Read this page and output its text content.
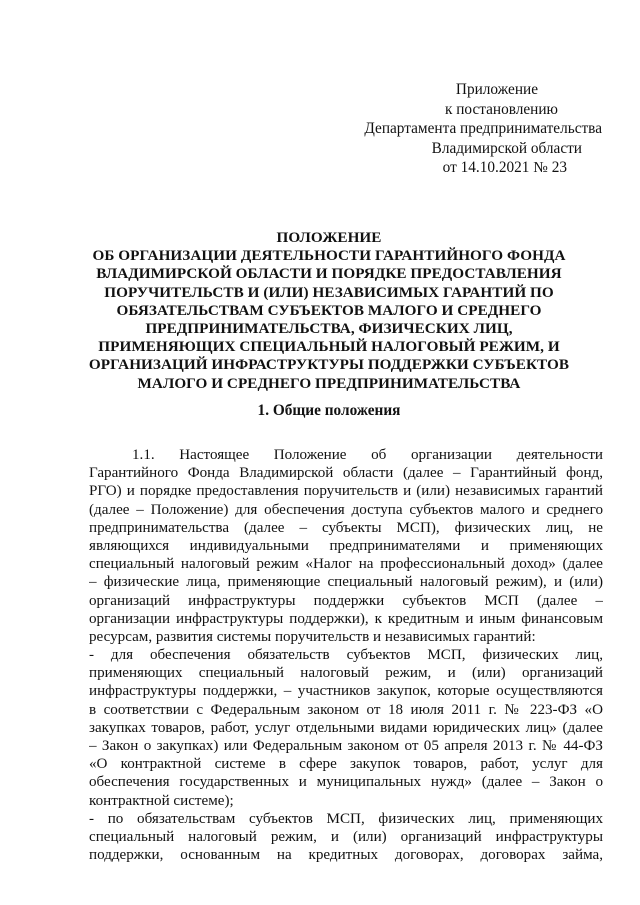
Приложение
к постановлению
Департамента предпринимательства
Владимирской области
от 14.10.2021 № 23
ПОЛОЖЕНИЕ
ОБ ОРГАНИЗАЦИИ ДЕЯТЕЛЬНОСТИ ГАРАНТИЙНОГО ФОНДА
ВЛАДИМИРСКОЙ ОБЛАСТИ И ПОРЯДКЕ ПРЕДОСТАВЛЕНИЯ
ПОРУЧИТЕЛЬСТВ И (ИЛИ) НЕЗАВИСИМЫХ ГАРАНТИЙ ПО
ОБЯЗАТЕЛЬСТВАМ СУБЪЕКТОВ МАЛОГО И СРЕДНЕГО
ПРЕДПРИНИМАТЕЛЬСТВА, ФИЗИЧЕСКИХ ЛИЦ,
ПРИМЕНЯЮЩИХ СПЕЦИАЛЬНЫЙ НАЛОГОВЫЙ РЕЖИМ, И
ОРГАНИЗАЦИЙ ИНФРАСТРУКТУРЫ ПОДДЕРЖКИ СУБЪЕКТОВ
МАЛОГО И СРЕДНЕГО ПРЕДПРИНИМАТЕЛЬСТВА
1. Общие положения
1.1. Настоящее Положение об организации деятельности
Гарантийного Фонда Владимирской области (далее – Гарантийный фонд,
РГО) и порядке предоставления поручительств и (или) независимых гарантий
(далее – Положение) для обеспечения доступа субъектов малого и среднего
предпринимательства (далее – субъекты МСП), физических лиц, не
являющихся индивидуальными предпринимателями и применяющих
специальный налоговый режим «Налог на профессиональный доход» (далее
– физические лица, применяющие специальный налоговый режим), и (или)
организаций инфраструктуры поддержки субъектов МСП (далее –
организации инфраструктуры поддержки), к кредитным и иным финансовым
ресурсам, развития системы поручительств и независимых гарантий:
- для обеспечения обязательств субъектов МСП, физических лиц,
применяющих специальный налоговый режим, и (или) организаций
инфраструктуры поддержки, – участников закупок, которые осуществляются
в соответствии с Федеральным законом от 18 июля 2011 г. № 223-ФЗ «О
закупках товаров, работ, услуг отдельными видами юридических лиц» (далее
– Закон о закупках) или Федеральным законом от 05 апреля 2013 г. № 44-ФЗ
«О контрактной системе в сфере закупок товаров, работ, услуг для
обеспечения государственных и муниципальных нужд» (далее – Закон о
контрактной системе);
- по обязательствам субъектов МСП, физических лиц, применяющих
специальный налоговый режим, и (или) организаций инфраструктуры
поддержки, основанным на кредитных договорах, договорах займа,
